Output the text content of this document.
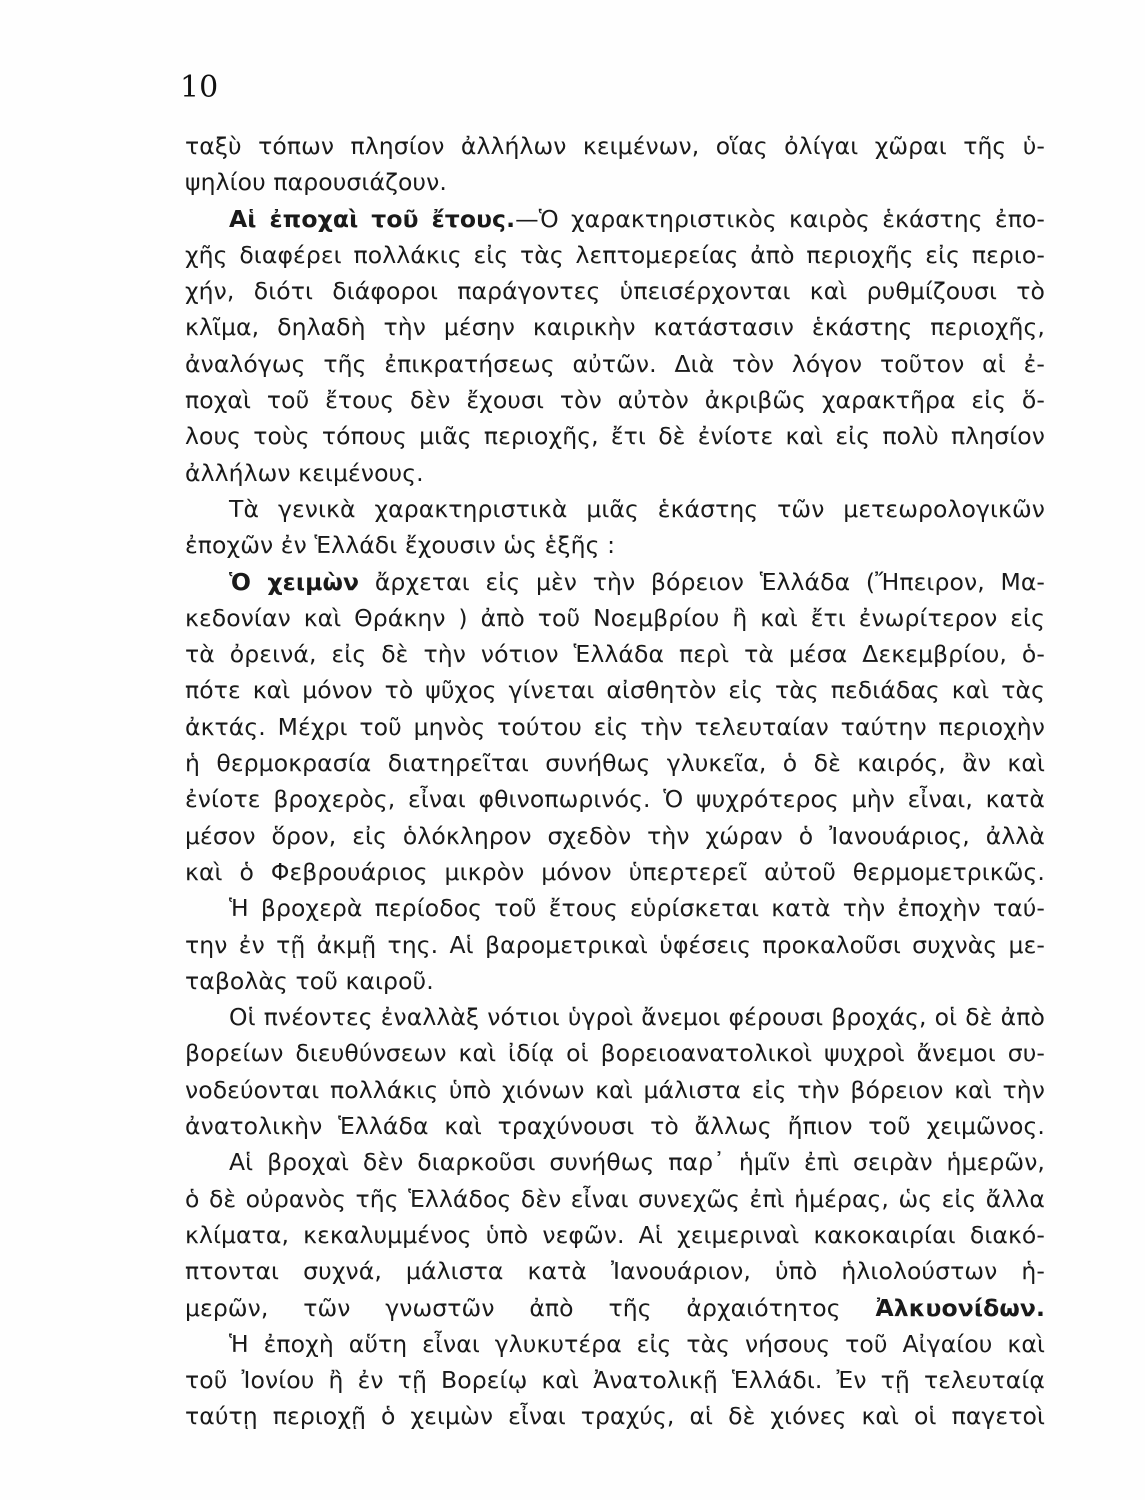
10
ταξὺ τόπων πλησίον ἀλλήλων κειμένων, οἵας ὀλίγαι χῶραι τῆς ὑ-
ψηλίου παρουσιάζουν.
Αἱ ἐποχαὶ τοῦ ἔτους.—Ὁ χαρακτηριστικὸς καιρὸς ἑκάστης ἐπο-
χῆς διαφέρει πολλάκις εἰς τὰς λεπτομερείας ἀπὸ περιοχῆς εἰς περιο-
χήν, διότι διάφοροι παράγοντες ὑπεισέρχονται καὶ ρυθμίζουσι τὸ
κλῖμα, δηλαδὴ τὴν μέσην καιρικὴν κατάστασιν ἑκάστης περιοχῆς,
ἀναλόγως τῆς ἐπικρατήσεως αὐτῶν. Διὰ τὸν λόγον τοῦτον αἱ ἐ-
ποχαὶ τοῦ ἔτους δὲν ἔχουσι τὸν αὐτὸν ἀκριβῶς χαρακτῆρα εἰς ὅ-
λους τοὺς τόπους μιᾶς περιοχῆς, ἔτι δὲ ἐνίοτε καὶ εἰς πολὺ πλησίον
ἀλλήλων κειμένους.
Τὰ γενικὰ χαρακτηριστικὰ μιᾶς ἑκάστης τῶν μετεωρολογικῶν
ἐποχῶν ἐν Ἑλλάδι ἔχουσιν ὡς ἑξῆς :
Ὁ χειμὼν ἄρχεται εἰς μὲν τὴν βόρειον Ἑλλάδα (Ἤπειρον, Μα-
κεδονίαν καὶ Θράκην ) ἀπὸ τοῦ Νοεμβρίου ἢ καὶ ἔτι ἐνωρίτερον εἰς
τὰ ὀρεινά, εἰς δὲ τὴν νότιον Ἑλλάδα περὶ τὰ μέσα Δεκεμβρίου, ὁ-
πότε καὶ μόνον τὸ ψῦχος γίνεται αἰσθητὸν εἰς τὰς πεδιάδας καὶ τὰς
ἀκτάς. Μέχρι τοῦ μηνὸς τούτου εἰς τὴν τελευταίαν ταύτην περιοχὴν
ἡ θερμοκρασία διατηρεῖται συνήθως γλυκεῖα, ὁ δὲ καιρός, ἂν καὶ
ἐνίοτε βροχερὸς, εἶναι φθινοπωρινός. Ὁ ψυχρότερος μὴν εἶναι, κατὰ
μέσον ὅρον, εἰς ὁλόκληρον σχεδὸν τὴν χώραν ὁ Ἰανουάριος, ἀλλὰ
καὶ ὁ Φεβρουάριος μικρὸν μόνον ὑπερτερεῖ αὐτοῦ θερμομετρικῶς.
Ἡ βροχερὰ περίοδος τοῦ ἔτους εὑρίσκεται κατὰ τὴν ἐποχὴν ταύ-
την ἐν τῇ ἀκμῇ της. Αἱ βαρομετρικαὶ ὑφέσεις προκαλοῦσι συχνὰς με-
ταβολὰς τοῦ καιροῦ.
Οἱ πνέοντες ἐναλλὰξ νότιοι ὑγροὶ ἄνεμοι φέρουσι βροχάς, οἱ δὲ ἀπὸ
βορείων διευθύνσεων καὶ ἰδίᾳ οἱ βορειοανατολικοὶ ψυχροὶ ἄνεμοι συ-
νοδεύονται πολλάκις ὑπὸ χιόνων καὶ μάλιστα εἰς τὴν βόρειον καὶ τὴν
ἀνατολικὴν Ἑλλάδα καὶ τραχύνουσι τὸ ἄλλως ἤπιον τοῦ χειμῶνος.
Αἱ βροχαὶ δὲν διαρκοῦσι συνήθως παρ᾽ ἡμῖν ἐπὶ σειρὰν ἡμερῶν,
ὁ δὲ οὐρανὸς τῆς Ἑλλάδος δὲν εἶναι συνεχῶς ἐπὶ ἡμέρας, ὡς εἰς ἄλλα
κλίματα, κεκαλυμμένος ὑπὸ νεφῶν. Αἱ χειμεριναὶ κακοκαιρίαι διακό-
πτονται συχνά, μάλιστα κατὰ Ἰανουάριον, ὑπὸ ἡλιολούστων ἡ-
μερῶν, τῶν γνωστῶν ἀπὸ τῆς ἀρχαιότητος Ἀλκυονίδων.
Ἡ ἐποχὴ αὕτη εἶναι γλυκυτέρα εἰς τὰς νήσους τοῦ Αἰγαίου καὶ
τοῦ Ἰονίου ἢ ἐν τῇ Βορείῳ καὶ Ἀνατολικῇ Ἑλλάδι. Ἐν τῇ τελευταίᾳ
ταύτῃ περιοχῇ ὁ χειμὼν εἶναι τραχύς, αἱ δὲ χιόνες καὶ οἱ παγετοὶ
